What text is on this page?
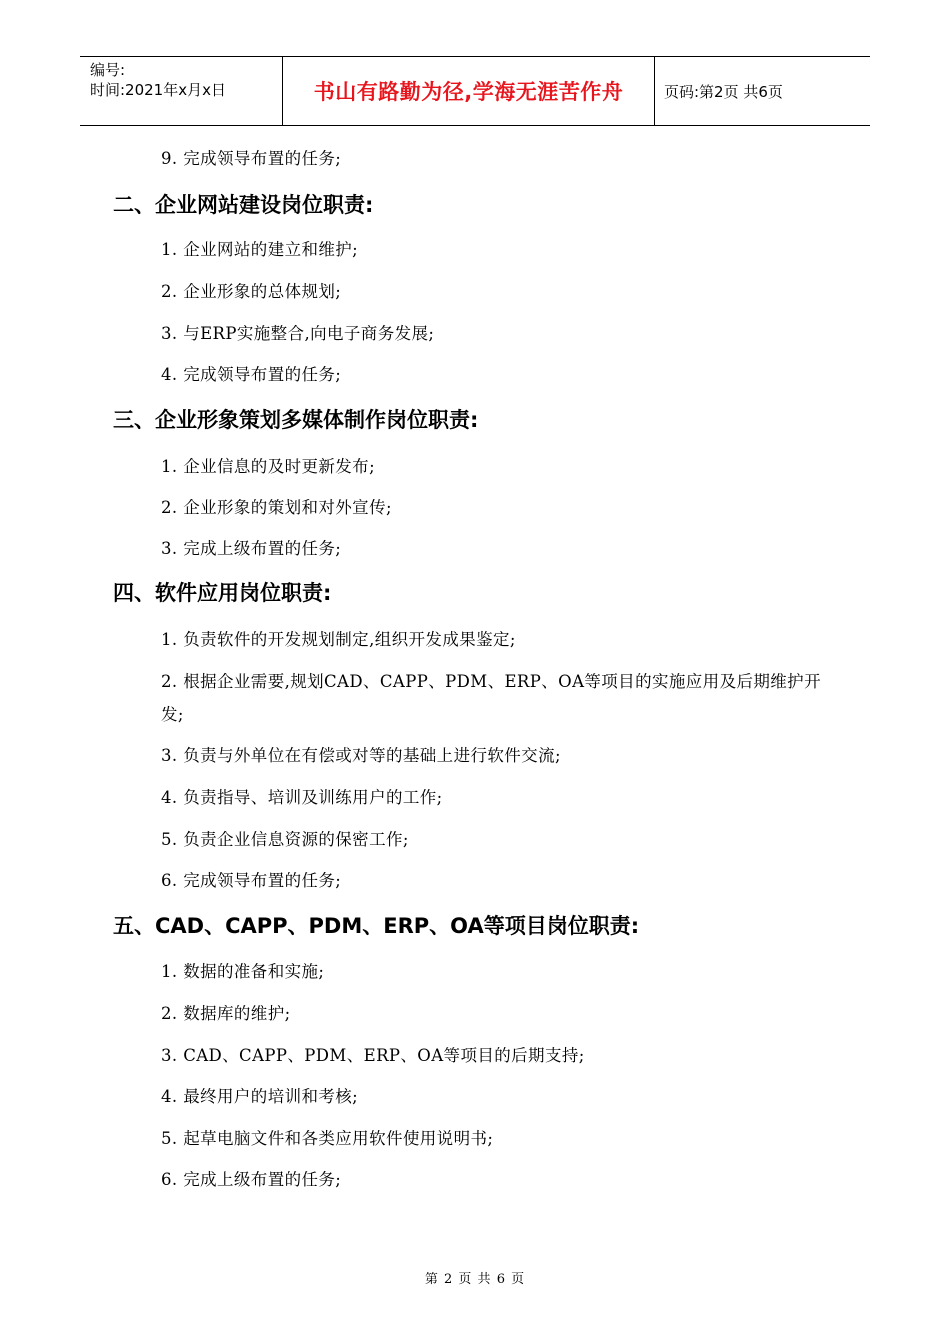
编号:
时间:2021年x月x日	书山有路勤为径,学海无涯苦作舟	页码:第2页 共6页
9. 完成领导布置的任务;
二、企业网站建设岗位职责:
1. 企业网站的建立和维护;
2. 企业形象的总体规划;
3. 与ERP实施整合,向电子商务发展;
4. 完成领导布置的任务;
三、企业形象策划多媒体制作岗位职责:
1. 企业信息的及时更新发布;
2. 企业形象的策划和对外宣传;
3. 完成上级布置的任务;
四、软件应用岗位职责:
1. 负责软件的开发规划制定,组织开发成果鉴定;
2. 根据企业需要,规划CAD、CAPP、PDM、ERP、OA等项目的实施应用及后期维护开发;
3. 负责与外单位在有偿或对等的基础上进行软件交流;
4. 负责指导、培训及训练用户的工作;
5. 负责企业信息资源的保密工作;
6. 完成领导布置的任务;
五、CAD、CAPP、PDM、ERP、OA等项目岗位职责:
1. 数据的准备和实施;
2. 数据库的维护;
3. CAD、CAPP、PDM、ERP、OA等项目的后期支持;
4. 最终用户的培训和考核;
5. 起草电脑文件和各类应用软件使用说明书;
6. 完成上级布置的任务;
第 2 页 共 6 页
